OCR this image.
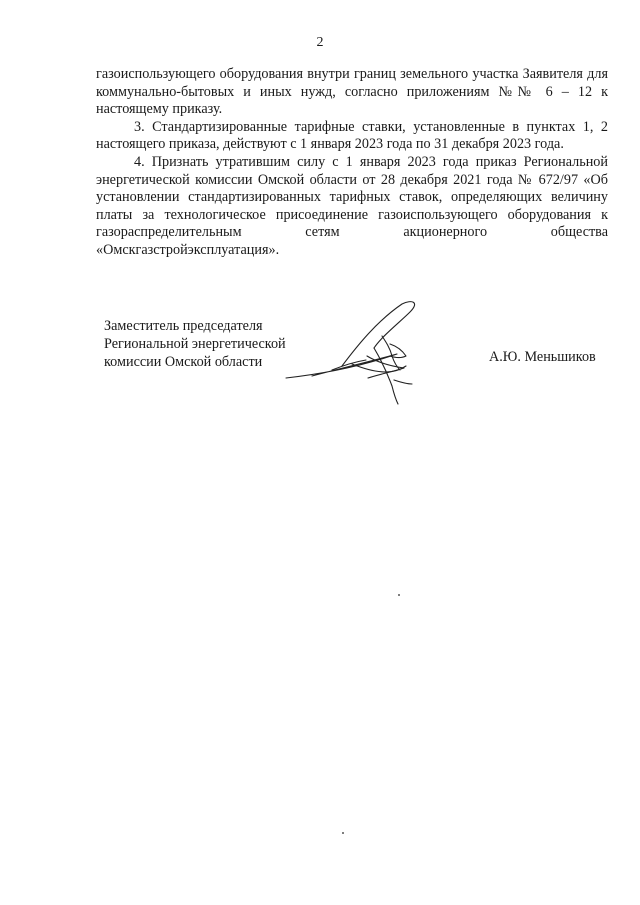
2

газоиспользующего оборудования внутри границ земельного участка Заявителя для коммунально-бытовых и иных нужд, согласно приложениям №№ 6 – 12 к настоящему приказу.

3. Стандартизированные тарифные ставки, установленные в пунктах 1, 2 настоящего приказа, действуют с 1 января 2023 года по 31 декабря 2023 года.

4. Признать утратившим силу с 1 января 2023 года приказ Региональной энергетической комиссии Омской области от 28 декабря 2021 года № 672/97 «Об установлении стандартизированных тарифных ставок, определяющих величину платы за технологическое присоединение газоиспользующего оборудования к газораспределительным сетям акционерного общества «Омскгазстройэксплуатация».

Заместитель председателя
Региональной энергетической
комиссии Омской области	А.Ю. Меньшиков
